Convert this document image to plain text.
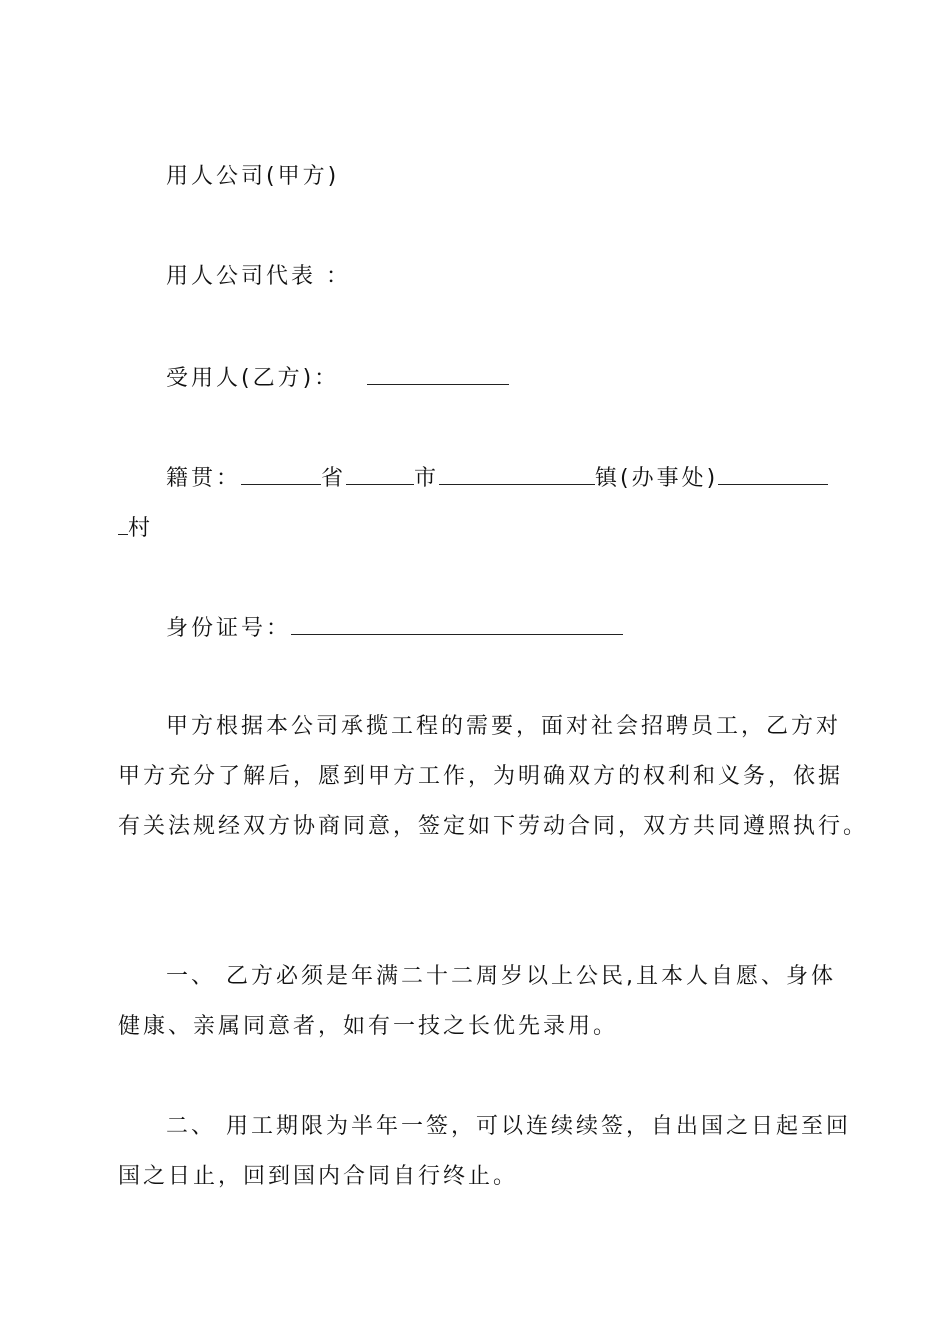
用人公司(甲方)

用人公司代表 ：

受用人(乙方)：

籍贯：	省	市	镇(办事处)

村

身份证号：

甲方根据本公司承揽工程的需要，面对社会招聘员工，乙方对

甲方充分了解后，愿到甲方工作，为明确双方的权利和义务，依据

有关法规经双方协商同意，签定如下劳动合同，双方共同遵照执行。

一、 乙方必须是年满二十二周岁以上公民,且本人自愿、身体

健康、亲属同意者，如有一技之长优先录用。

二、 用工期限为半年一签，可以连续续签，自出国之日起至回

国之日止，回到国内合同自行终止。
